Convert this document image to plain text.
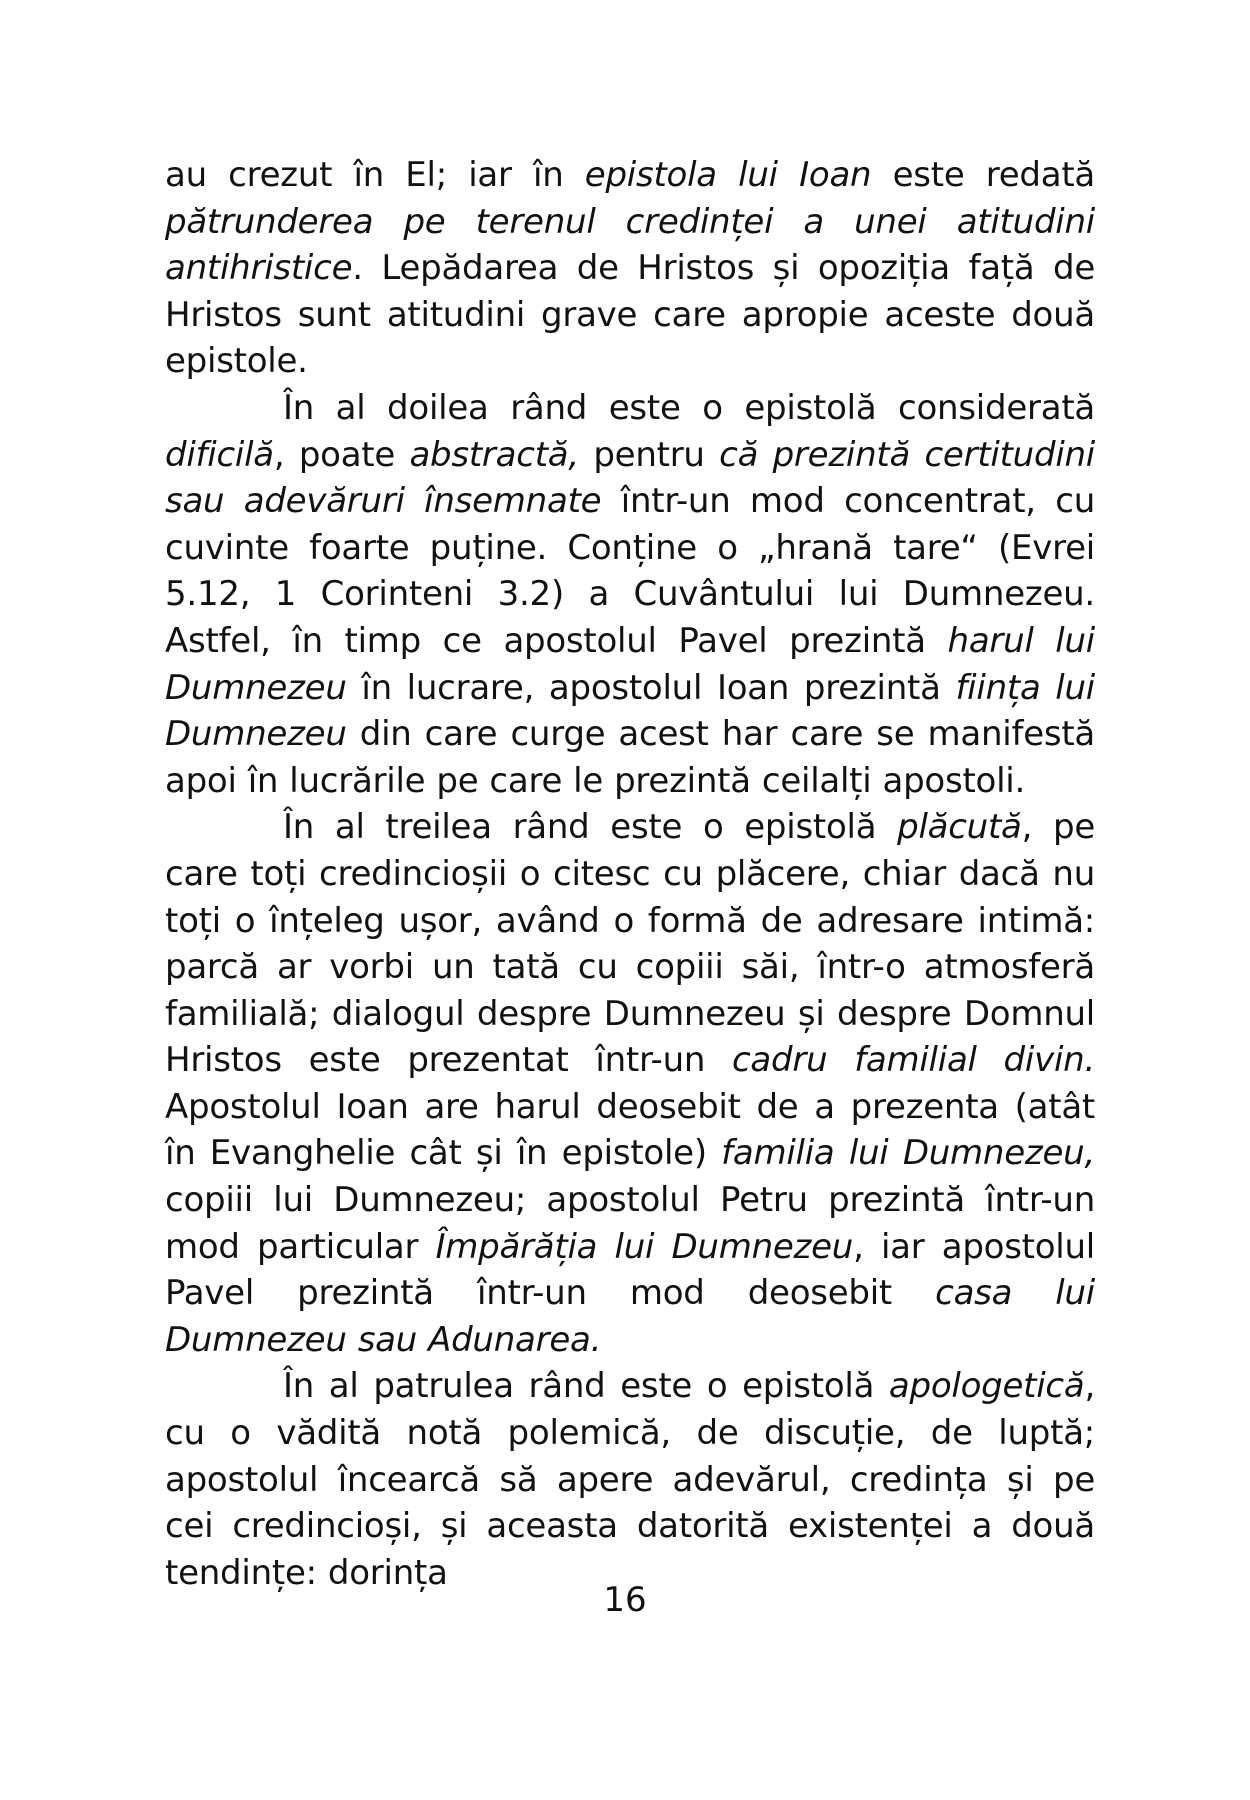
au crezut în El; iar în epistola lui Ioan este redată pătrunderea pe terenul credinței a unei atitudini antihristice. Lepădarea de Hristos și opoziția față de Hristos sunt atitudini grave care apropie aceste două epistole.

În al doilea rând este o epistolă considerată dificilă, poate abstractă, pentru că prezintă certitudini sau adevăruri însemnate într-un mod concentrat, cu cuvinte foarte puține. Conține o „hrană tare“ (Evrei 5.12, 1 Corinteni 3.2) a Cuvântului lui Dumnezeu. Astfel, în timp ce apostolul Pavel prezintă harul lui Dumnezeu în lucrare, apostolul Ioan prezintă ființa lui Dumnezeu din care curge acest har care se manifestă apoi în lucrările pe care le prezintă ceilalți apostoli.

În al treilea rând este o epistolă plăcută, pe care toți credincioșii o citesc cu plăcere, chiar dacă nu toți o înțeleg ușor, având o formă de adresare intimă: parcă ar vorbi un tată cu copiii săi, într-o atmosferă familială; dialogul despre Dumnezeu și despre Domnul Hristos este prezentat într-un cadru familial divin. Apostolul Ioan are harul deosebit de a prezenta (atât în Evanghelie cât și în epistole) familia lui Dumnezeu, copiii lui Dumnezeu; apostolul Petru prezintă într-un mod particular Împărăția lui Dumnezeu, iar apostolul Pavel prezintă într-un mod deosebit casa lui Dumnezeu sau Adunarea.

În al patrulea rând este o epistolă apologetică, cu o vădită notă polemică, de discuție, de luptă; apostolul încearcă să apere adevărul, credința și pe cei credincioși, și aceasta datorită existenței a două tendințe: dorința

16
